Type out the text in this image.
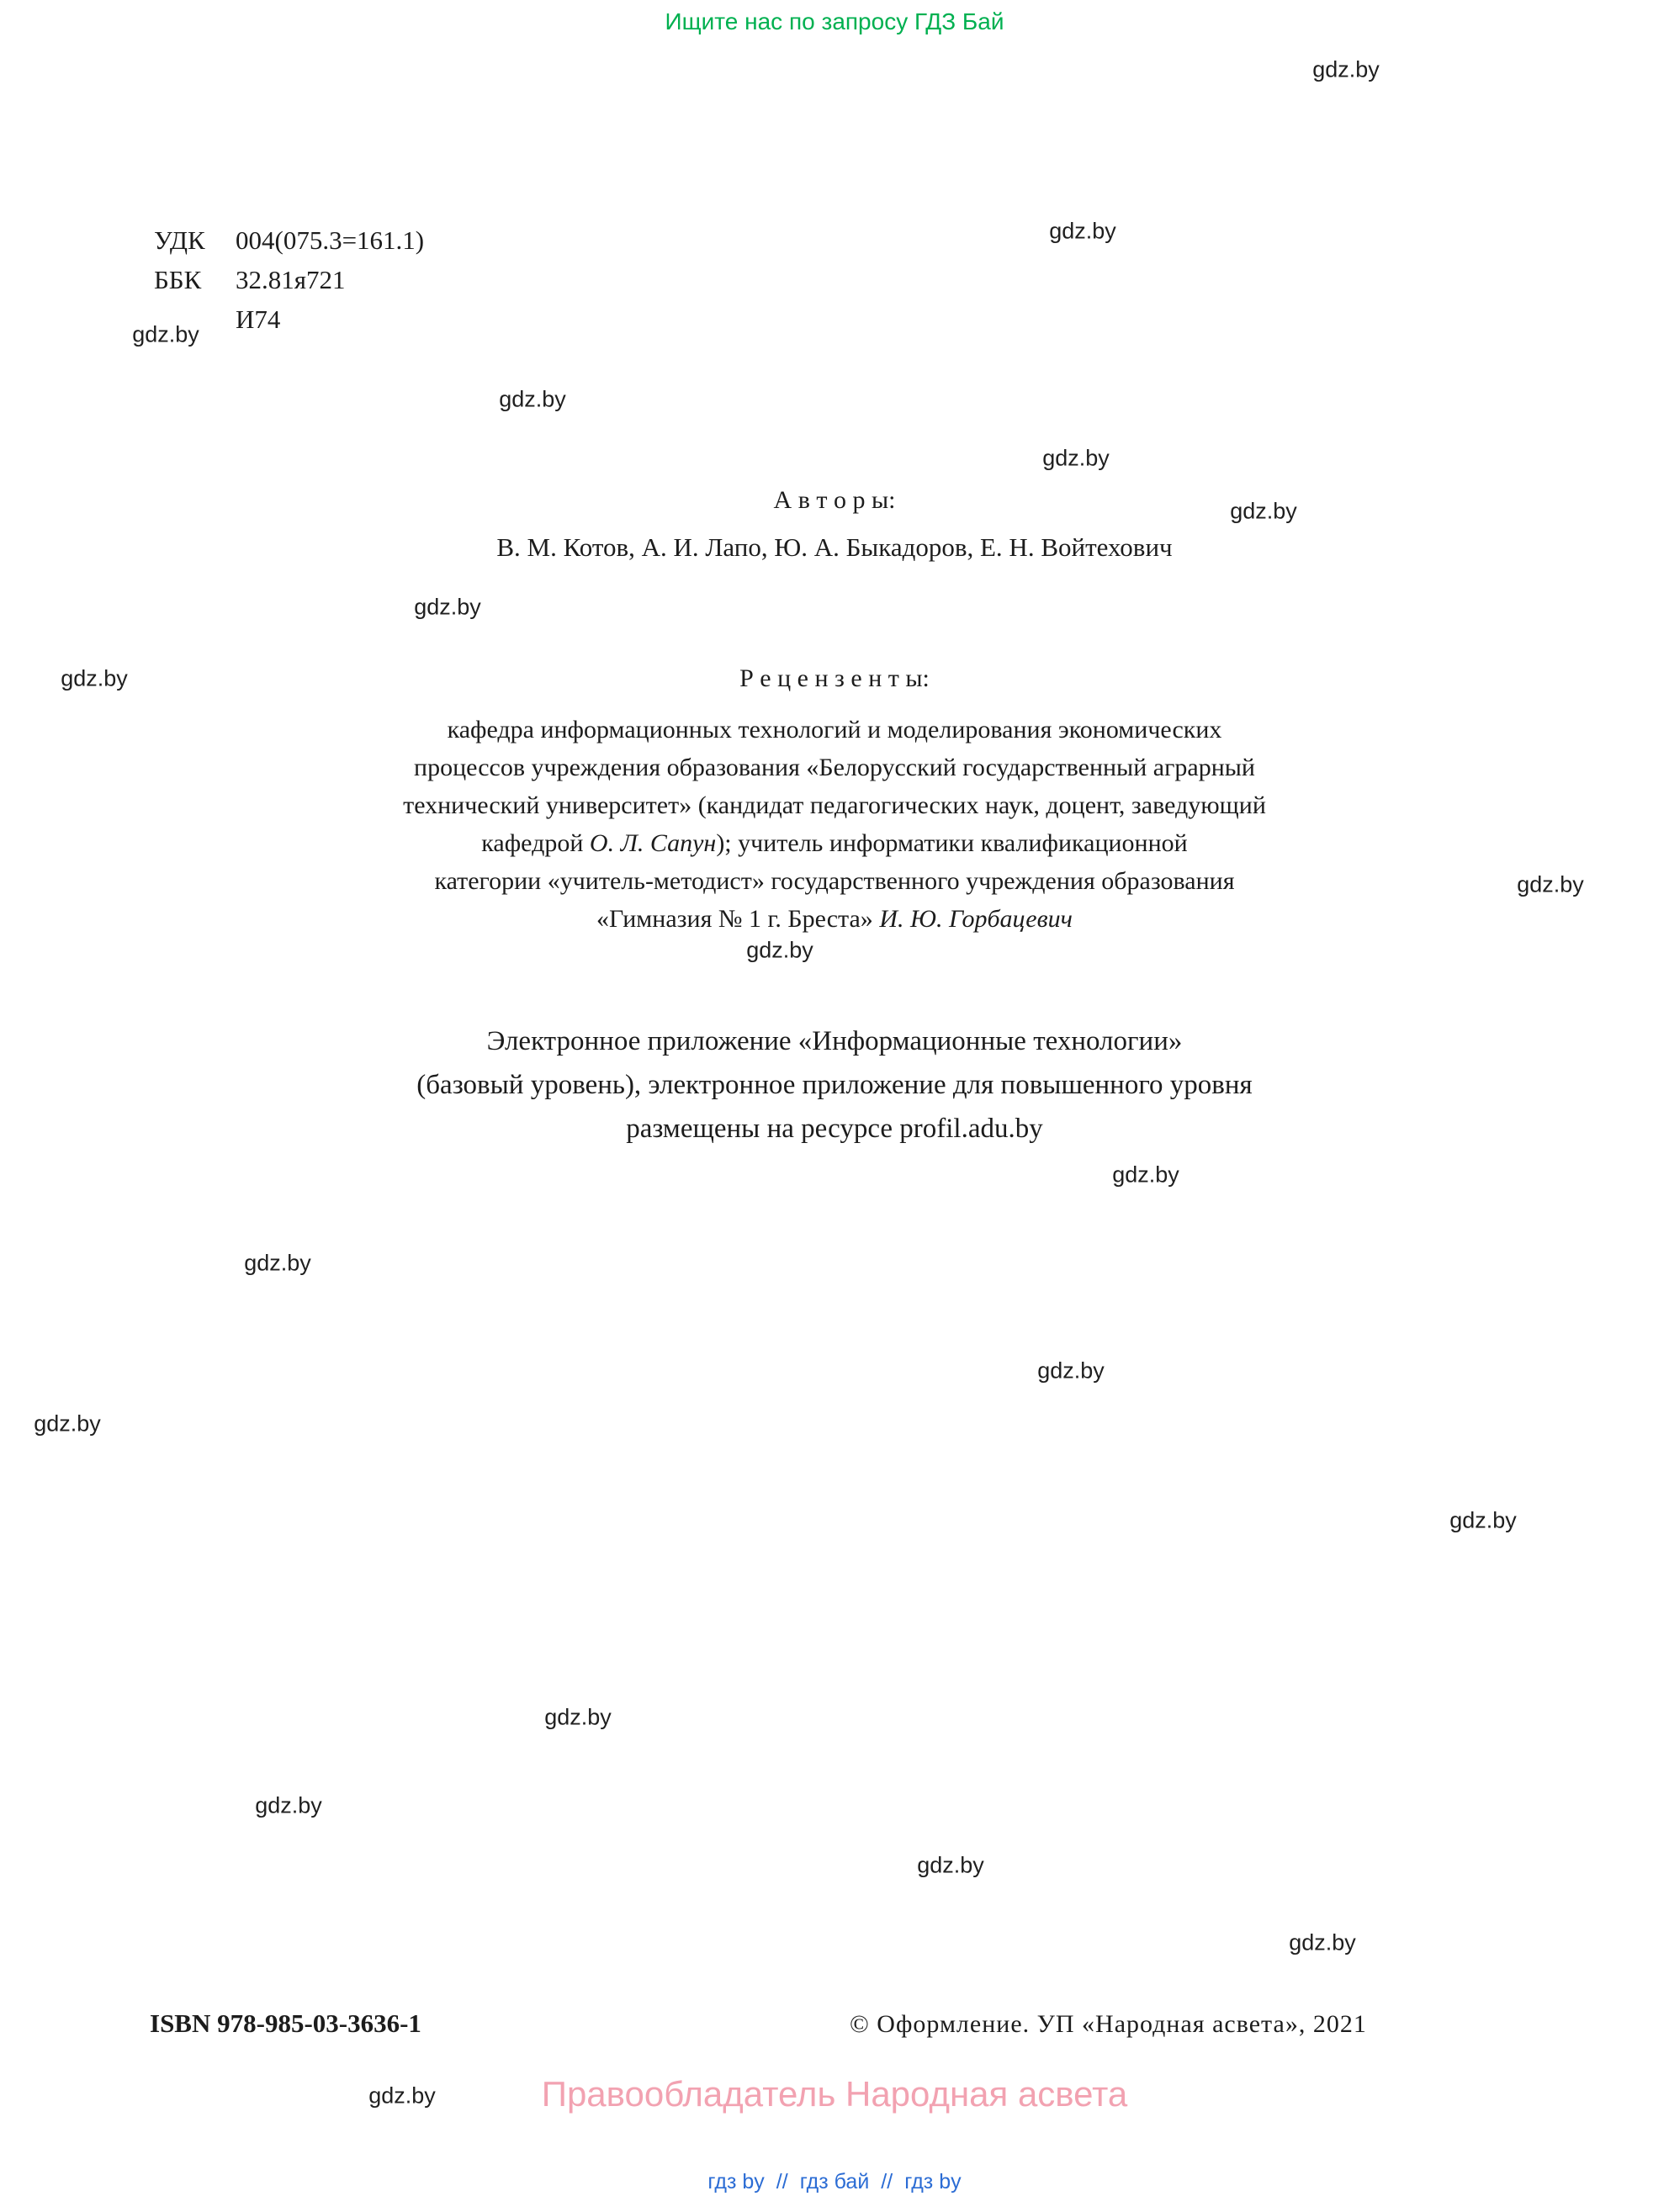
Ищите нас по запросу ГДЗ Бай
gdz.by
gdz.by
gdz.by
gdz.by
gdz.by
gdz.by
gdz.by
gdz.by
gdz.by
gdz.by
gdz.by
gdz.by
gdz.by
gdz.by
gdz.by
gdz.by
gdz.by
gdz.by
gdz.by
gdz.by
УДК 004(075.3=161.1)
ББК 32.81я721
И74
А в т о р ы:
В. М. Котов, А. И. Лапо, Ю. А. Быкадоров, Е. Н. Войтехович
Р е ц е н з е н т ы:
кафедра информационных технологий и моделирования экономических
процессов учреждения образования «Белорусский государственный аграрный
технический университет» (кандидат педагогических наук, доцент, заведующий
кафедрой О. Л. Сапун); учитель информатики квалификационной
категории «учитель-методист» государственного учреждения образования
«Гимназия № 1 г. Бреста» И. Ю. Горбацевич
Электронное приложение «Информационные технологии»
(базовый уровень), электронное приложение для повышенного уровня
размещены на ресурсе profil.adu.by
ISBN 978-985-03-3636-1	© Оформление. УП «Народная асвета», 2021
Правообладатель Народная асвета
гдз by // гдз бай // гдз by
